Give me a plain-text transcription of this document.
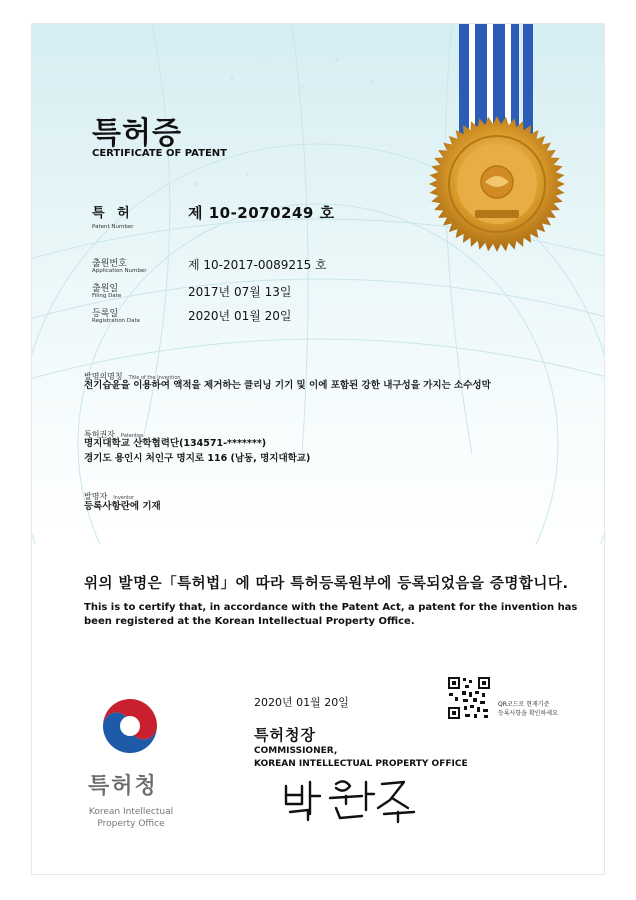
특허증
CERTIFICATE OF PATENT
특 허
Patent Number
제 10-2070249 호
출원번호
Application Number	제 10-2017-0089215 호
출원일
Filing Date	2017년 07월 13일
등록일
Registration Date	2020년 01월 20일
발명의명칭 Title of the Invention
전기습윤을 이용하여 액적을 제거하는 클리닝 기기 및 이에 포함된 강한 내구성을 가지는 소수성막
특허권자 Patentee
명지대학교 산학협력단(134571-*******)
경기도 용인시 처인구 명지로 116 (남동, 명지대학교)
발명자 Inventor
등록사항란에 기재
위의 발명은「특허법」에 따라 특허등록원부에 등록되었음을 증명합니다.
This is to certify that, in accordance with the Patent Act, a patent for the invention has been registered at the Korean Intellectual Property Office.
2020년 01월 20일	QR코드로 현재기준
등록사항을 확인하세요
특허청장
COMMISSIONER,
KOREAN INTELLECTUAL PROPERTY OFFICE
특허청
Korean Intellectual Property Office
